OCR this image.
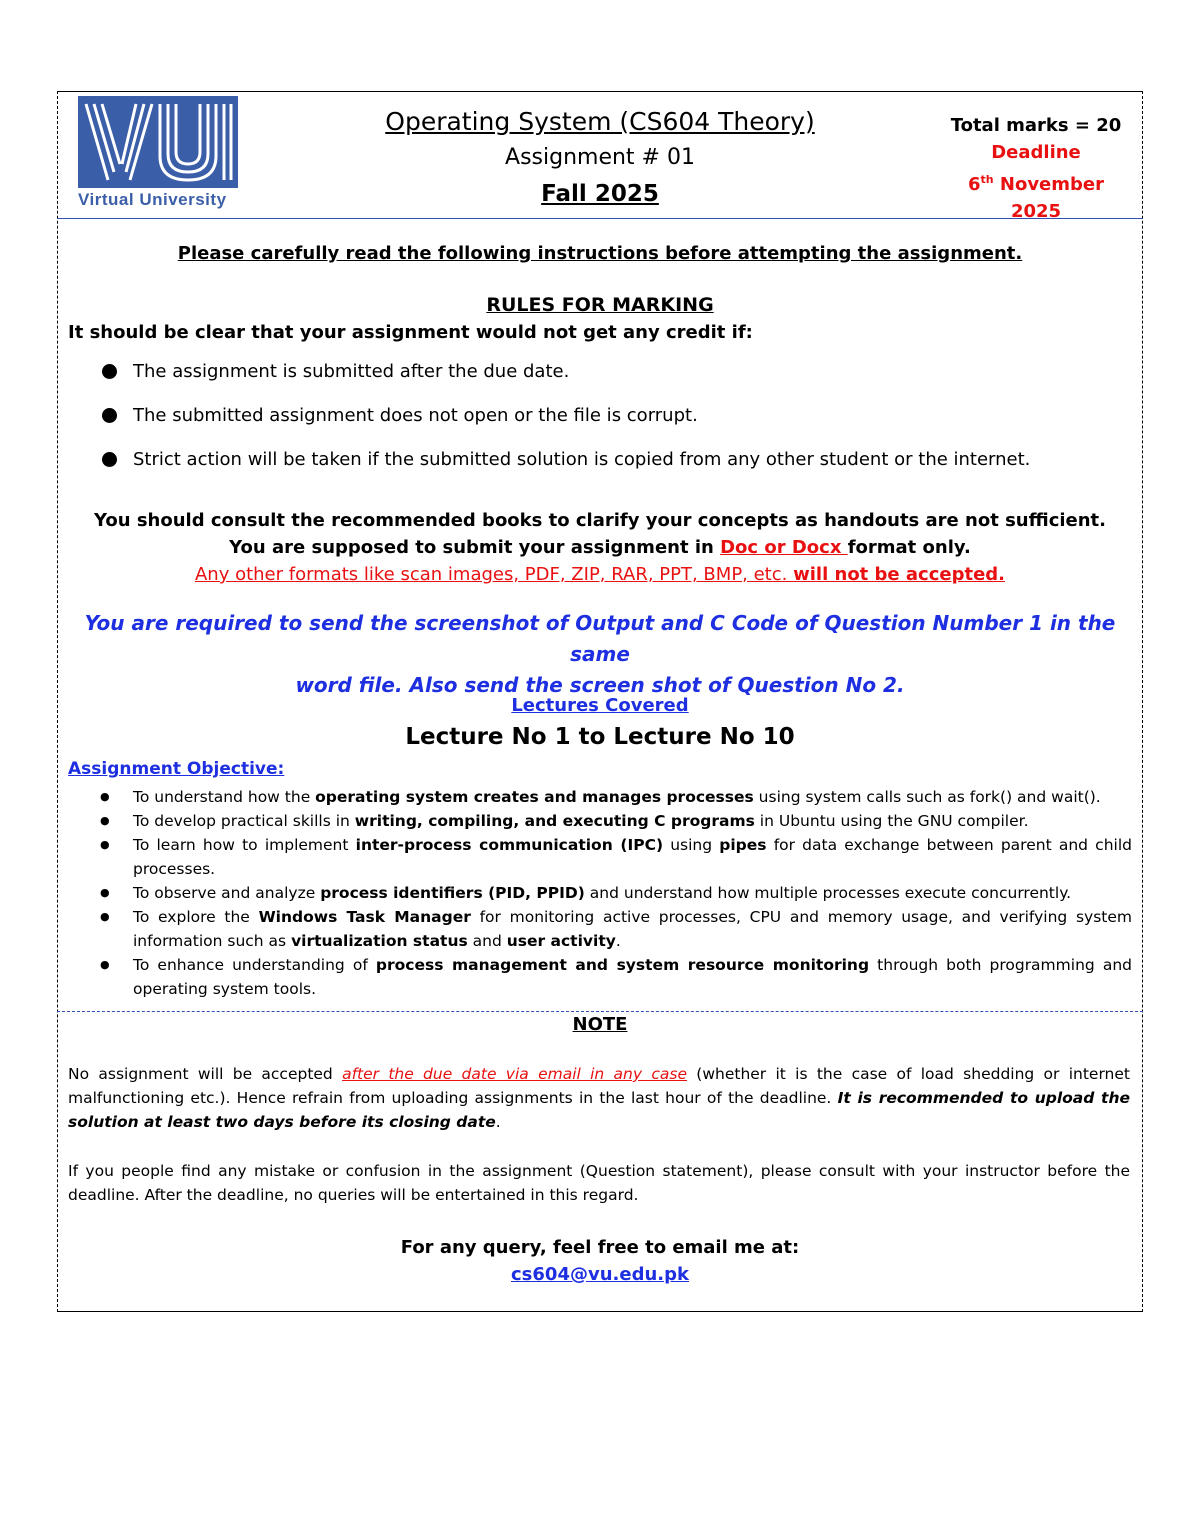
Virtual University
Operating System (CS604 Theory)
Assignment # 01
Fall 2025
Total marks = 20
Deadline
6th November 2025
Please carefully read the following instructions before attempting the assignment.
RULES FOR MARKING
It should be clear that your assignment would not get any credit if:
The assignment is submitted after the due date.
The submitted assignment does not open or the file is corrupt.
Strict action will be taken if the submitted solution is copied from any other student or the internet.
You should consult the recommended books to clarify your concepts as handouts are not sufficient.
You are supposed to submit your assignment in Doc or Docx format only.
Any other formats like scan images, PDF, ZIP, RAR, PPT, BMP, etc. will not be accepted.
You are required to send the screenshot of Output and C Code of Question Number 1 in the same
word file. Also send the screen shot of Question No 2.
Lectures Covered
Lecture No 1 to Lecture No 10
Assignment Objective:
●	To understand how the operating system creates and manages processes using system calls such as fork() and wait().
●	To develop practical skills in writing, compiling, and executing C programs in Ubuntu using the GNU compiler.
●	To learn how to implement inter-process communication (IPC) using pipes for data exchange between parent and child processes.
●	To observe and analyze process identifiers (PID, PPID) and understand how multiple processes execute concurrently.
●	To explore the Windows Task Manager for monitoring active processes, CPU and memory usage, and verifying system information such as virtualization status and user activity.
●	To enhance understanding of process management and system resource monitoring through both programming and operating system tools.
NOTE
No assignment will be accepted after the due date via email in any case (whether it is the case of load shedding or internet malfunctioning etc.). Hence refrain from uploading assignments in the last hour of the deadline. It is recommended to upload the solution at least two days before its closing date.
If you people find any mistake or confusion in the assignment (Question statement), please consult with your instructor before the deadline. After the deadline, no queries will be entertained in this regard.
For any query, feel free to email me at:
cs604@vu.edu.pk
